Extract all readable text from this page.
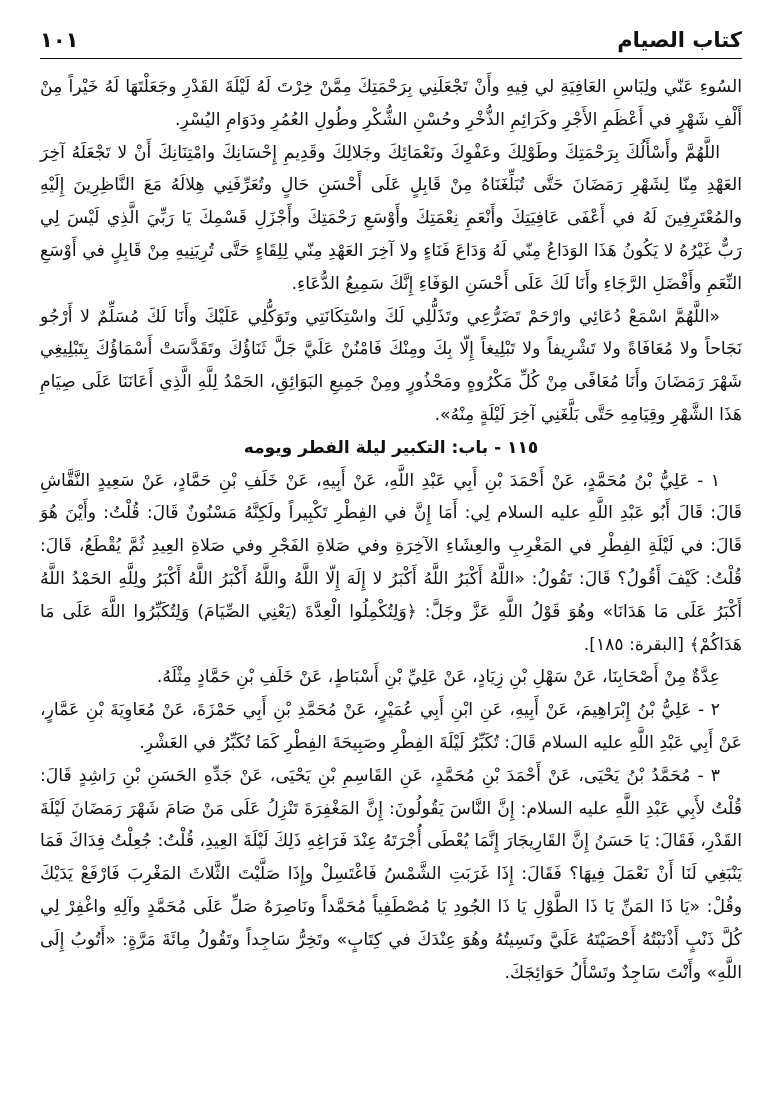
كتاب الصيام
١٠١

السُوءِ عَنّي ولِبَاسِ العَافِيَةِ لي فِيهِ وأَنْ تَجْعَلَنِي بِرَحْمَتِكَ مِمَّنْ خِرْتَ لَهُ لَيْلَةَ القَدْرِ وجَعَلْتَهَا لَهُ خَيْراً مِنْ أَلْفِ شَهْرٍ في أَعْظَمِ الأَجْرِ وكَرَائِمِ الذُّخْرِ وحُسْنِ الشُّكْرِ وطُولِ العُمُرِ ودَوَامِ اليُسْرِ.

اللَّهُمَّ وأَسْأَلُكَ بِرَحْمَتِكَ وطَوْلِكَ وعَفْوِكَ ونَعْمَائِكَ وجَلالِكَ وقَدِيمِ إِحْسَانِكَ وامْتِنَانِكَ أَنْ لا تَجْعَلَهُ آخِرَ العَهْدِ مِنّا لِشَهْرِ رَمَضَانَ حَتَّى تُبَلِّغَنَاهُ مِنْ قَابِلٍ عَلَى أَحْسَنِ حَالٍ وتُعَرِّفَنِي هِلالَهُ مَعَ النَّاظِرِينَ إِلَيْهِ والمُعْتَرِفِينَ لَهُ في أَعْفَى عَافِيَتِكَ وأَنْعَمِ نِعْمَتِكَ وأَوْسَعِ رَحْمَتِكَ وأَجْزَلِ قَسْمِكَ يَا رَبِّيَ الَّذِي لَيْسَ لِي رَبٌّ غَيْرُهُ لا يَكُونُ هَذَا الوَدَاعُ مِنّي لَهُ وَدَاعَ فَنَاءٍ ولا آخِرَ العَهْدِ مِنّي لِلِقَاءٍ حَتَّى تُرِيَنِيهِ مِنْ قَابِلٍ في أَوْسَعِ النِّعَمِ وأَفْضَلِ الرَّجَاءِ وأَنَا لَكَ عَلَى أَحْسَنِ الوَفَاءِ إِنَّكَ سَمِيعُ الدُّعَاءِ.

«اللَّهُمَّ اسْمَعْ دُعَائِي وارْحَمْ تَضَرُّعِي وتَذَلُّلِي لَكَ واسْتِكَانَتِي وتَوَكُّلِي عَلَيْكَ وأَنَا لَكَ مُسَلِّمٌ لا أَرْجُو نَجَاحاً ولا مُعَافَاةً ولا تَشْرِيفاً ولا تَبْلِيغاً إِلّا بِكَ ومِنْكَ فَامْنُنْ عَلَيَّ جَلَّ ثَنَاؤُكَ وتَقَدَّسَتْ أَسْمَاؤُكَ بِتَبْلِيغِي شَهْرَ رَمَضَانَ وأَنَا مُعَافًى مِنْ كُلِّ مَكْرُوهٍ ومَحْذُورٍ ومِنْ جَمِيعِ البَوَائِقِ، الحَمْدُ لِلَّهِ الَّذِي أَعَانَنَا عَلَى صِيَامِ هَذَا الشَّهْرِ وقِيَامِهِ حَتَّى بَلَّغَنِي آخِرَ لَيْلَةٍ مِنْهُ».

١١٥ - باب: التكبير ليلة الفطر ويومه

١ - عَلِيُّ بْنُ مُحَمَّدٍ، عَنْ أَحْمَدَ بْنِ أَبِي عَبْدِ اللَّهِ، عَنْ أَبِيهِ، عَنْ خَلَفِ بْنِ حَمَّادٍ، عَنْ سَعِيدٍ النَّقَّاشِ قَالَ: قَالَ أَبُو عَبْدِ اللَّهِ عليه السلام لِي: أَمَا إِنَّ في الفِطْرِ تَكْبِيراً ولَكِنَّهُ مَسْنُونٌ قَالَ: قُلْتُ: وأَيْنَ هُوَ قَالَ: في لَيْلَةِ الفِطْرِ في المَغْرِبِ والعِشَاءِ الآخِرَةِ وفي صَلاةِ الفَجْرِ وفي صَلاةِ العِيدِ ثُمَّ يُقْطَعُ، قَالَ: قُلْتُ: كَيْفَ أَقُولُ؟ قَالَ: تَقُولُ: «اللَّهُ أَكْبَرُ اللَّهُ أَكْبَرُ لا إِلَهَ إِلّا اللَّهُ واللَّهُ أَكْبَرُ اللَّهُ أَكْبَرُ ولِلَّهِ الحَمْدُ اللَّهُ أَكْبَرُ عَلَى مَا هَدَانَا» وهُوَ قَوْلُ اللَّهِ عَزَّ وجَلَّ: ﴿وَلِتُكْمِلُوا الْعِدَّةَ (يَعْنِي الصِّيَامَ) وَلِتُكَبِّرُوا اللَّهَ عَلَى مَا هَدَاكُمْ﴾ [البقرة: ١٨٥].

عِدَّةٌ مِنْ أَصْحَابِنَا، عَنْ سَهْلِ بْنِ زِيَادٍ، عَنْ عَلِيِّ بْنِ أَسْبَاطٍ، عَنْ خَلَفِ بْنِ حَمَّادٍ مِثْلَهُ.

٢ - عَلِيُّ بْنُ إِبْرَاهِيمَ، عَنْ أَبِيهِ، عَنِ ابْنِ أَبِي عُمَيْرٍ، عَنْ مُحَمَّدِ بْنِ أَبِي حَمْزَةَ، عَنْ مُعَاوِيَةَ بْنِ عَمَّارٍ، عَنْ أَبِي عَبْدِ اللَّهِ عليه السلام قَالَ: تُكَبِّرُ لَيْلَةَ الفِطْرِ وصَبِيحَةَ الفِطْرِ كَمَا تُكَبِّرُ في العَشْرِ.

٣ - مُحَمَّدُ بْنُ يَحْيَى، عَنْ أَحْمَدَ بْنِ مُحَمَّدٍ، عَنِ القَاسِمِ بْنِ يَحْيَى، عَنْ جَدِّهِ الحَسَنِ بْنِ رَاشِدٍ قَالَ: قُلْتُ لأَبِي عَبْدِ اللَّهِ عليه السلام: إِنَّ النَّاسَ يَقُولُونَ: إِنَّ المَغْفِرَةَ تَنْزِلُ عَلَى مَنْ صَامَ شَهْرَ رَمَضَانَ لَيْلَةَ القَدْرِ، فَقَالَ: يَا حَسَنُ إِنَّ القَارِيجَارَ إِنَّمَا يُعْطَى أُجْرَتَهُ عِنْدَ فَرَاغِهِ ذَلِكَ لَيْلَةَ العِيدِ، قُلْتُ: جُعِلْتُ فِدَاكَ فَمَا يَنْبَغِي لَنَا أَنْ نَعْمَلَ فِيهَا؟ فَقَالَ: إِذَا غَرَبَتِ الشَّمْسُ فَاغْتَسِلْ وإِذَا صَلَّيْتَ الثَّلاثَ المَغْرِبَ فَارْفَعْ يَدَيْكَ وقُلْ: «يَا ذَا المَنِّ يَا ذَا الطَّوْلِ يَا ذَا الجُودِ يَا مُصْطَفِياً مُحَمَّداً ونَاصِرَهُ صَلِّ عَلَى مُحَمَّدٍ وآلِهِ واغْفِرْ لِي كُلَّ ذَنْبٍ أَذْنَبْتُهُ أَحْصَيْتَهُ عَلَيَّ ونَسِيتُهُ وهُوَ عِنْدَكَ في كِتَابٍ» وتَخِرُّ سَاجِداً وتَقُولُ مِائَةَ مَرَّةٍ: «أَتُوبُ إِلَى اللَّهِ» وأَنْتَ سَاجِدٌ وتَسْأَلُ حَوَائِجَكَ.
